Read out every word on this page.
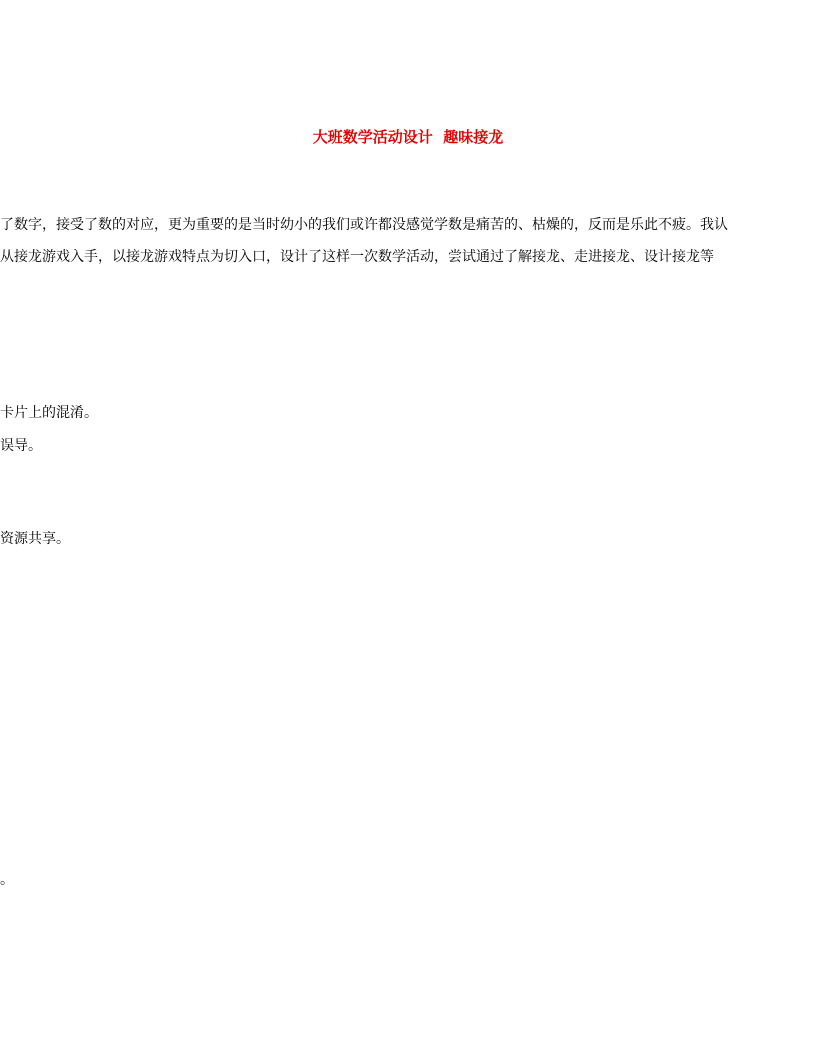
大班数学活动设计  趣味接龙
了数字，接受了数的对应，更为重要的是当时幼小的我们或许都没感觉学数是痛苦的、枯燥的，反而是乐此不疲。我认
从接龙游戏入手，以接龙游戏特点为切入口，设计了这样一次数学活动，尝试通过了解接龙、走进接龙、设计接龙等
卡片上的混淆。
误导。
资源共享。
。
